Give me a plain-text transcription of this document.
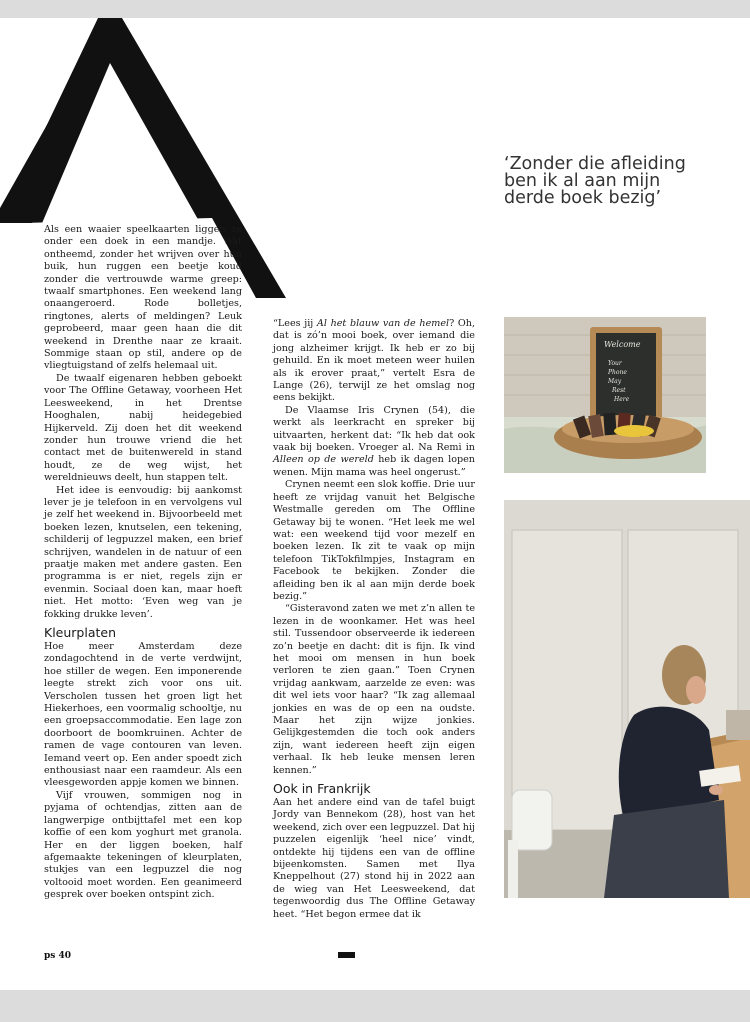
Als een waaier speelkaarten liggen ze onder een doek in een mandje. Wat ontheemd, zonder het wrijven over hun buik, hun ruggen een beetje koud zonder die vertrouwde warme greep: twaalf smartphones. Een weekend lang onaangeroerd. Rode bolletjes, ringtones, alerts of meldingen? Leuk geprobeerd, maar geen haan die dit weekend in Drenthe naar ze kraait. Sommige staan op stil, andere op de vliegtuigstand of zelfs helemaal uit.

De twaalf eigenaren hebben geboekt voor The Offline Getaway, voorheen Het Leesweekend, in het Drentse Hooghalen, nabij heidegebied Hijkerveld. Zij doen het dit weekend zonder hun trouwe vriend die het contact met de buitenwereld in stand houdt, ze de weg wijst, het wereldnieuws deelt, hun stappen telt.

Het idee is eenvoudig: bij aankomst lever je je telefoon in en vervolgens vul je zelf het weekend in. Bijvoorbeeld met boeken lezen, knutselen, een tekening, schilderij of legpuzzel maken, een brief schrijven, wandelen in de natuur of een praatje maken met andere gasten. Een programma is er niet, regels zijn er evenmin. Sociaal doen kan, maar hoeft niet. Het motto: ‘Even weg van je fokking drukke leven’.

Kleurplaten

Hoe meer Amsterdam deze zondagochtend in de verte verdwijnt, hoe stiller de wegen. Een imponerende leegte strekt zich voor ons uit. Verscholen tussen het groen ligt het Hiekerhoes, een voormalig schooltje, nu een groepsaccommodatie. Een lage zon doorboort de boomkruinen. Achter de ramen de vage contouren van leven. Iemand veert op. Een ander spoedt zich enthousiast naar een raamdeur. Als een vleesgeworden appje komen we binnen.

Vijf vrouwen, sommigen nog in pyjama of ochtendjas, zitten aan de langwerpige ontbijttafel met een kop koffie of een kom yoghurt met granola. Her en der liggen boeken, half afgemaakte tekeningen of kleurplaten, stukjes van een legpuzzel die nog voltooid moet worden. Een geanimeerd gesprek over boeken ontspint zich.

“Lees jij Al het blauw van de hemel? Oh, dat is zó’n mooi boek, over iemand die jong alzheimer krijgt. Ik heb er zo bij gehuild. En ik moet meteen weer huilen als ik erover praat,” vertelt Esra de Lange (26), terwijl ze het omslag nog eens bekijkt.

De Vlaamse Iris Crynen (54), die werkt als leerkracht en spreker bij uitvaarten, herkent dat: “Ik heb dat ook vaak bij boeken. Vroeger al. Na Remi in Alleen op de wereld heb ik dagen lopen wenen. Mijn mama was heel ongerust.”

Crynen neemt een slok koffie. Drie uur heeft ze vrijdag vanuit het Belgische Westmalle gereden om The Offline Getaway bij te wonen. “Het leek me wel wat: een weekend tijd voor mezelf en boeken lezen. Ik zit te vaak op mijn telefoon TikTokfilmpjes, Instagram en Facebook te bekijken. Zonder die afleiding ben ik al aan mijn derde boek bezig.”

“Gisteravond zaten we met z’n allen te lezen in de woonkamer. Het was heel stil. Tussendoor observeerde ik iedereen zo’n beetje en dacht: dit is fijn. Ik vind het mooi om mensen in hun boek verloren te zien gaan.” Toen Crynen vrijdag aankwam, aarzelde ze even: was dit wel iets voor haar? “Ik zag allemaal jonkies en was de op een na oudste. Maar het zijn wijze jonkies. Gelijkgestemden die toch ook anders zijn, want iedereen heeft zijn eigen verhaal. Ik heb leuke mensen leren kennen.”

Ook in Frankrijk

Aan het andere eind van de tafel buigt Jordy van Bennekom (28), host van het weekend, zich over een legpuzzel. Dat hij puzzelen eigenlijk ‘heel nice’ vindt, ontdekte hij tijdens een van de offline bijeenkomsten. Samen met Ilya Kneppelhout (27) stond hij in 2022 aan de wieg van Het Leesweekend, dat tegenwoordig dus The Offline Getaway heet. “Het begon ermee dat ik

‘Zonder die afleiding ben ik al aan mijn derde boek bezig’
Welcome
Your
Phone
May
Rest
Here
ps 40
